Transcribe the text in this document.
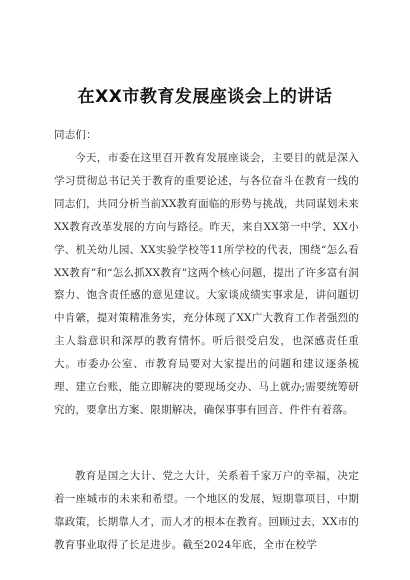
在XX市教育发展座谈会上的讲话
同志们：
今天，市委在这里召开教育发展座谈会，主要目的就是深入学习贯彻总书记关于教育的重要论述，与各位奋斗在教育一线的同志们，共同分析当前XX教育面临的形势与挑战，共同谋划未来XX教育改革发展的方向与路径。昨天，来自XX第一中学、XX小学、机关幼儿园、XX实验学校等11所学校的代表，围绕“怎么看XX教育”和“怎么抓XX教育”这两个核心问题，提出了许多富有洞察力、饱含责任感的意见建议。大家谈成绩实事求是，讲问题切中肯綮，提对策精准务实，充分体现了XX广大教育工作者强烈的主人翁意识和深厚的教育情怀。听后很受启发，也深感责任重大。市委办公室、市教育局要对大家提出的问题和建议逐条梳理、建立台账，能立即解决的要现场交办、马上就办;需要统筹研究的，要拿出方案、限期解决，确保事事有回音、件件有着落。
教育是国之大计、党之大计，关系着千家万户的幸福，决定着一座城市的未来和希望。一个地区的发展，短期靠项目，中期靠政策，长期靠人才，而人才的根本在教育。回顾过去，XX市的教育事业取得了长足进步。截至2024年底，全市在校学
